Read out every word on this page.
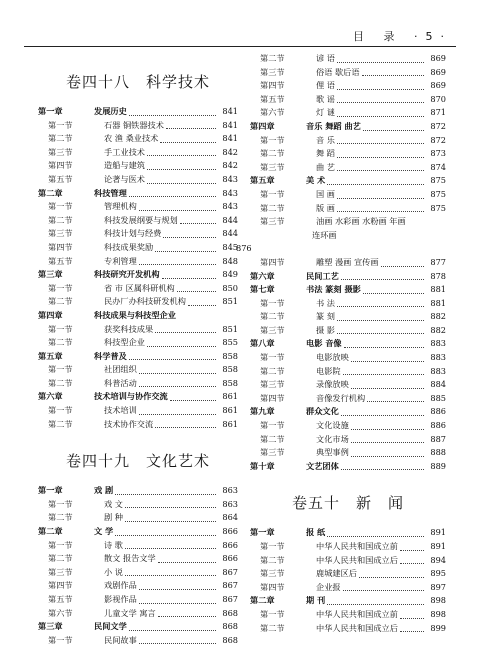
目 录 ·5·
卷四十八　科学技术
第一章	发展历史	841
第一节	石器 铜铁器技术	841
第二节	农 渔 桑业技术	841
第三节	手工业技术	842
第四节	造船与建筑	842
第五节	论著与医术	843
第二章	科技管理	843
第一节	管理机构	843
第二节	科技发展纲要与规划	844
第三节	科技计划与经费	844
第四节	科技成果奖励	845
第五节	专利管理	848
第三章	科技研究开发机构	849
第一节	省 市 区属科研机构	850
第二节	民办厂办科技研发机构	851
第四章	科技成果与科技型企业
第一节	获奖科技成果	851
第二节	科技型企业	855
第五章	科学普及	858
第一节	社团组织	858
第二节	科普活动	858
第六章	技术培训与协作交流	861
第一节	技术培训	861
第二节	技术协作交流	861
卷四十九　文化艺术
第一章	戏 剧	863
第一节	戏 文	863
第二节	剧 种	864
第二章	文 学	866
第一节	诗 歌	866
第二节	散文 报告文学	866
第三节	小 说	867
第四节	戏剧作品	867
第五节	影视作品	867
第六节	儿童文学 寓言	868
第三章	民间文学	868
第一节	民间故事	868
第二节	谚 语	869
第三节	俗语 歇后语	869
第四节	俚 语	869
第五节	歌 谣	870
第六节	灯 谜	871
第四章	音乐 舞蹈 曲艺	872
第一节	音 乐	872
第二节	舞 蹈	873
第三节	曲 艺	874
第五章	美 术	875
第一节	国 画	875
第二节	版 画	875
第三节	油画 水彩画 水粉画 年画
连环画
876
第四节	雕塑 漫画 宣传画	877
第六章	民间工艺	878
第七章	书法 篆刻 摄影	881
第一节	书 法	881
第二节	篆 刻	882
第三节	摄 影	882
第八章	电影 音像	883
第一节	电影放映	883
第二节	电影院	883
第三节	录像放映	884
第四节	音像发行机构	885
第九章	群众文化	886
第一节	文化设施	886
第二节	文化市场	887
第三节	典型事例	888
第十章	文艺团体	889
卷五十　新　闻
第一章	报 纸	891
第一节	中华人民共和国成立前	891
第二节	中华人民共和国成立后	894
第三节	鹿城建区后	895
第四节	企业报	897
第二章	期 刊	898
第一节	中华人民共和国成立前	898
第二节	中华人民共和国成立后	899
